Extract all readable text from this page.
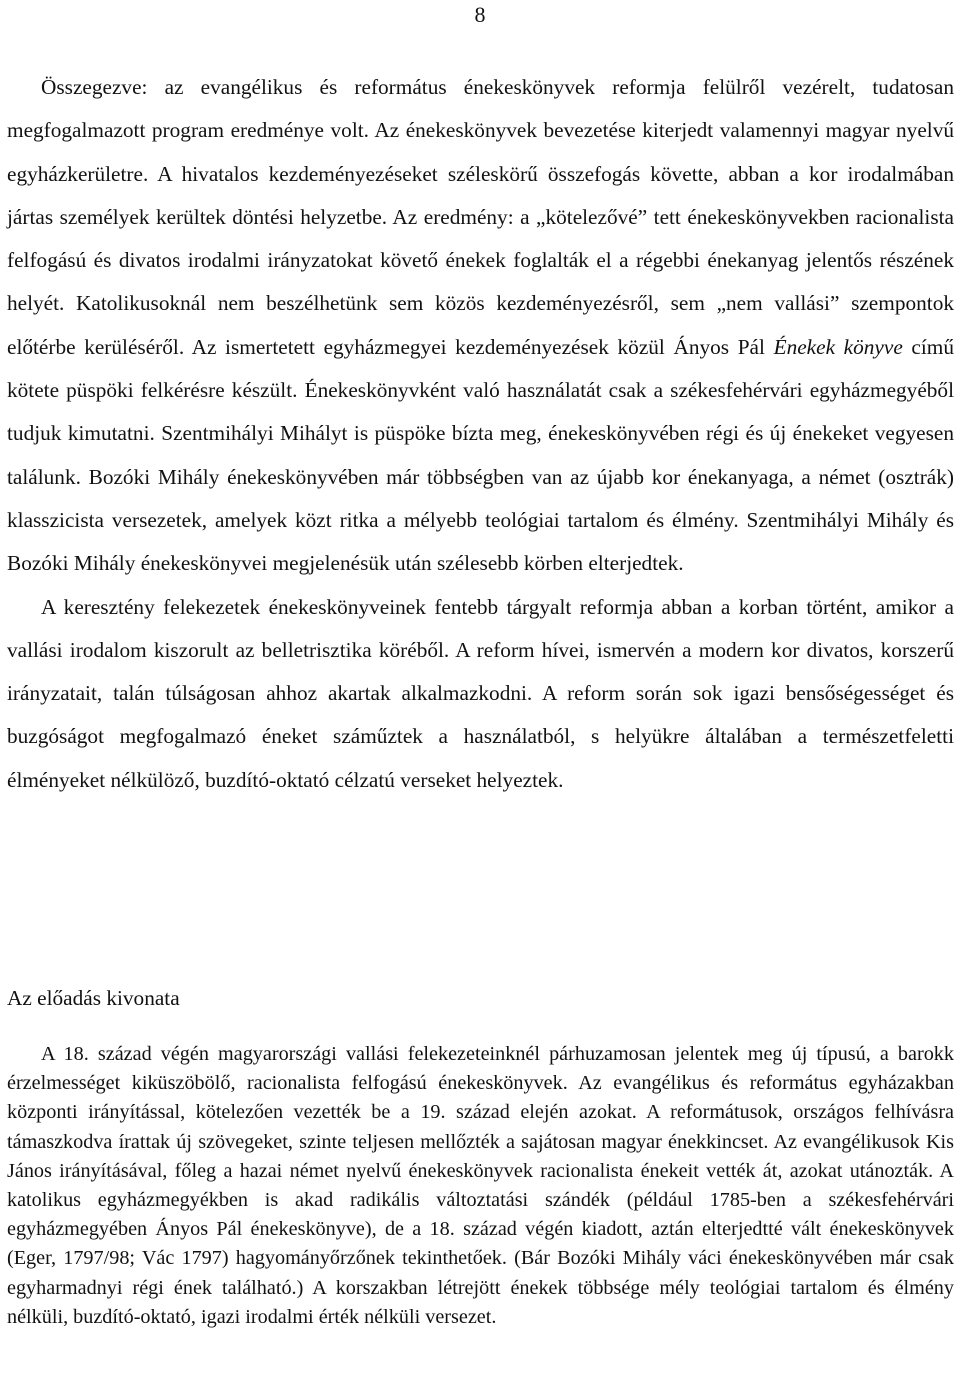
8

Összegezve: az evangélikus és református énekeskönyvek reformja felülről vezérelt, tudatosan megfogalmazott program eredménye volt. Az énekeskönyvek bevezetése kiterjedt valamennyi magyar nyelvű egyházkerületre. A hivatalos kezdeményezéseket széleskörű összefogás követte, abban a kor irodalmában jártas személyek kerültek döntési helyzetbe. Az eredmény: a „kötelezővé” tett énekeskönyvekben racionalista felfogású és divatos irodalmi irányzatokat követő énekek foglalták el a régebbi énekanyag jelentős részének helyét. Katolikusoknál nem beszélhetünk sem közös kezdeményezésről, sem „nem vallási” szempontok előtérbe kerüléséről. Az ismertetett egyházmegyei kezdeményezések közül Ányos Pál Énekek könyve című kötete püspöki felkérésre készült. Énekeskönyvként való használatát csak a székesfehérvári egyházmegyéből tudjuk kimutatni. Szentmihályi Mihályt is püspöke bízta meg, énekeskönyvében régi és új énekeket vegyesen találunk. Bozóki Mihály énekeskönyvében már többségben van az újabb kor énekanyaga, a német (osztrák) klasszicista versezetek, amelyek közt ritka a mélyebb teológiai tartalom és élmény. Szentmihályi Mihály és Bozóki Mihály énekeskönyvei megjelenésük után szélesebb körben elterjedtek.

A keresztény felekezetek énekeskönyveinek fentebb tárgyalt reformja abban a korban történt, amikor a vallási irodalom kiszorult az belletrisztika köréből. A reform hívei, ismervén a modern kor divatos, korszerű irányzatait, talán túlságosan ahhoz akartak alkalmazkodni. A reform során sok igazi bensőségességet és buzgóságot megfogalmazó éneket száműztek a használatból, s helyükre általában a természetfeletti élményeket nélkülöző, buzdító-oktató célzatú verseket helyeztek.

Az előadás kivonata

A 18. század végén magyarországi vallási felekezeteinknél párhuzamosan jelentek meg új típusú, a barokk érzelmességet kiküszöbölő, racionalista felfogású énekeskönyvek. Az evangélikus és református egyházakban központi irányítással, kötelezően vezették be a 19. század elején azokat. A reformátusok, országos felhívásra támaszkodva írattak új szövegeket, szinte teljesen mellőzték a sajátosan magyar énekkincset. Az evangélikusok Kis János irányításával, főleg a hazai német nyelvű énekeskönyvek racionalista énekeit vették át, azokat utánozták. A katolikus egyházmegyékben is akad radikális változtatási szándék (például 1785-ben a székesfehérvári egyházmegyében Ányos Pál énekeskönyve), de a 18. század végén kiadott, aztán elterjedtté vált énekeskönyvek (Eger, 1797/98; Vác 1797) hagyományőrzőnek tekinthetőek. (Bár Bozóki Mihály váci énekeskönyvében már csak egyharmadnyi régi ének található.) A korszakban létrejött énekek többsége mély teológiai tartalom és élmény nélküli, buzdító-oktató, igazi irodalmi érték nélküli versezet.
